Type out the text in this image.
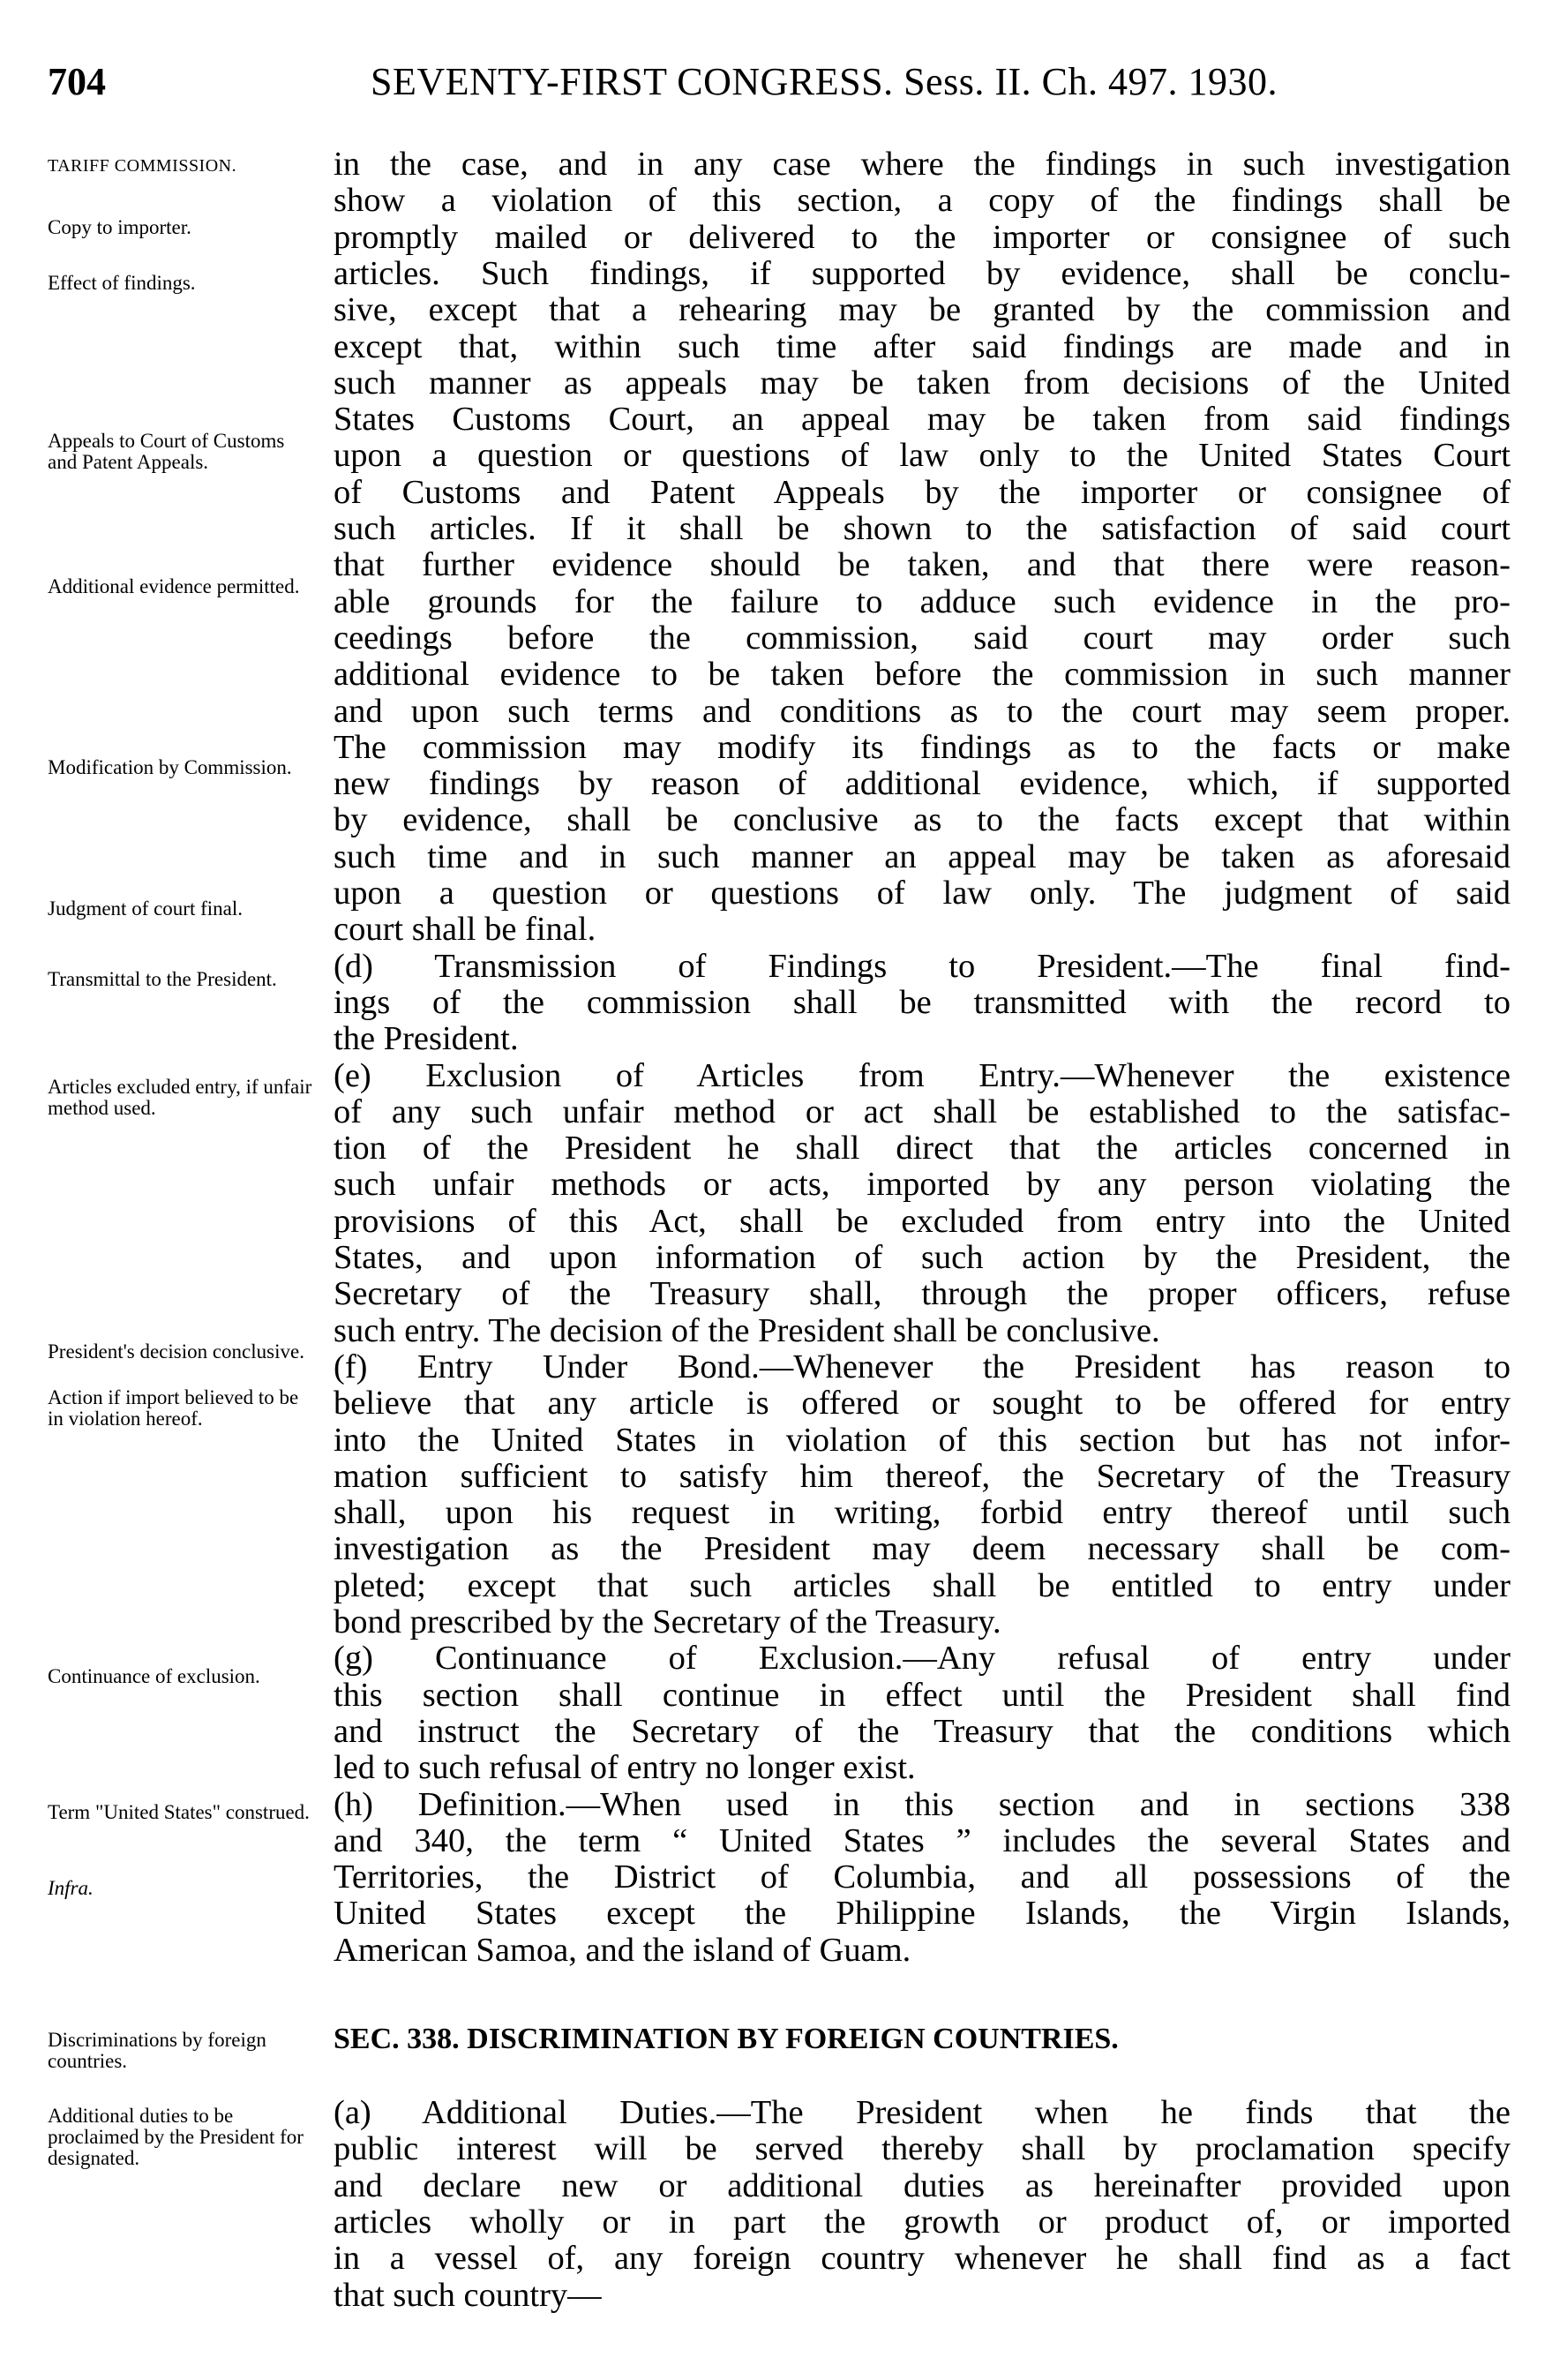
704	SEVENTY-FIRST CONGRESS. Sess. II. Ch. 497. 1930.
TARIFF COMMISSION.
Copy to importer.
Effect of findings.
Appeals to Court of Customs and Patent Appeals.
Additional evidence permitted.
Modification by Commission.
Judgment of court final.
Transmittal to the President.
Articles excluded entry, if unfair method used.
President's decision conclusive.
Action if import believed to be in violation hereof.
Continuance of exclusion.
Term "United States" construed.
Infra.
Discriminations by foreign countries.
Additional duties to be proclaimed by the President for designated.
in the case, and in any case where the findings in such investigation
show a violation of this section, a copy of the findings shall be
promptly mailed or delivered to the importer or consignee of such
articles. Such findings, if supported by evidence, shall be conclu-
sive, except that a rehearing may be granted by the commission and
except that, within such time after said findings are made and in
such manner as appeals may be taken from decisions of the United
States Customs Court, an appeal may be taken from said findings
upon a question or questions of law only to the United States Court
of Customs and Patent Appeals by the importer or consignee of
such articles. If it shall be shown to the satisfaction of said court
that further evidence should be taken, and that there were reason-
able grounds for the failure to adduce such evidence in the pro-
ceedings before the commission, said court may order such
additional evidence to be taken before the commission in such manner
and upon such terms and conditions as to the court may seem proper.
The commission may modify its findings as to the facts or make
new findings by reason of additional evidence, which, if supported
by evidence, shall be conclusive as to the facts except that within
such time and in such manner an appeal may be taken as aforesaid
upon a question or questions of law only. The judgment of said
court shall be final.
(d) Transmission of Findings to President.—The final find-
ings of the commission shall be transmitted with the record to
the President.
(e) Exclusion of Articles from Entry.—Whenever the existence
of any such unfair method or act shall be established to the satisfac-
tion of the President he shall direct that the articles concerned in
such unfair methods or acts, imported by any person violating the
provisions of this Act, shall be excluded from entry into the United
States, and upon information of such action by the President, the
Secretary of the Treasury shall, through the proper officers, refuse
such entry. The decision of the President shall be conclusive.
(f) Entry Under Bond.—Whenever the President has reason to
believe that any article is offered or sought to be offered for entry
into the United States in violation of this section but has not infor-
mation sufficient to satisfy him thereof, the Secretary of the Treasury
shall, upon his request in writing, forbid entry thereof until such
investigation as the President may deem necessary shall be com-
pleted; except that such articles shall be entitled to entry under
bond prescribed by the Secretary of the Treasury.
(g) Continuance of Exclusion.—Any refusal of entry under
this section shall continue in effect until the President shall find
and instruct the Secretary of the Treasury that the conditions which
led to such refusal of entry no longer exist.
(h) Definition.—When used in this section and in sections 338
and 340, the term “ United States ” includes the several States and
Territories, the District of Columbia, and all possessions of the
United States except the Philippine Islands, the Virgin Islands,
American Samoa, and the island of Guam.
SEC. 338. DISCRIMINATION BY FOREIGN COUNTRIES.
(a) Additional Duties.—The President when he finds that the
public interest will be served thereby shall by proclamation specify
and declare new or additional duties as hereinafter provided upon
articles wholly or in part the growth or product of, or imported
in a vessel of, any foreign country whenever he shall find as a fact
that such country—
